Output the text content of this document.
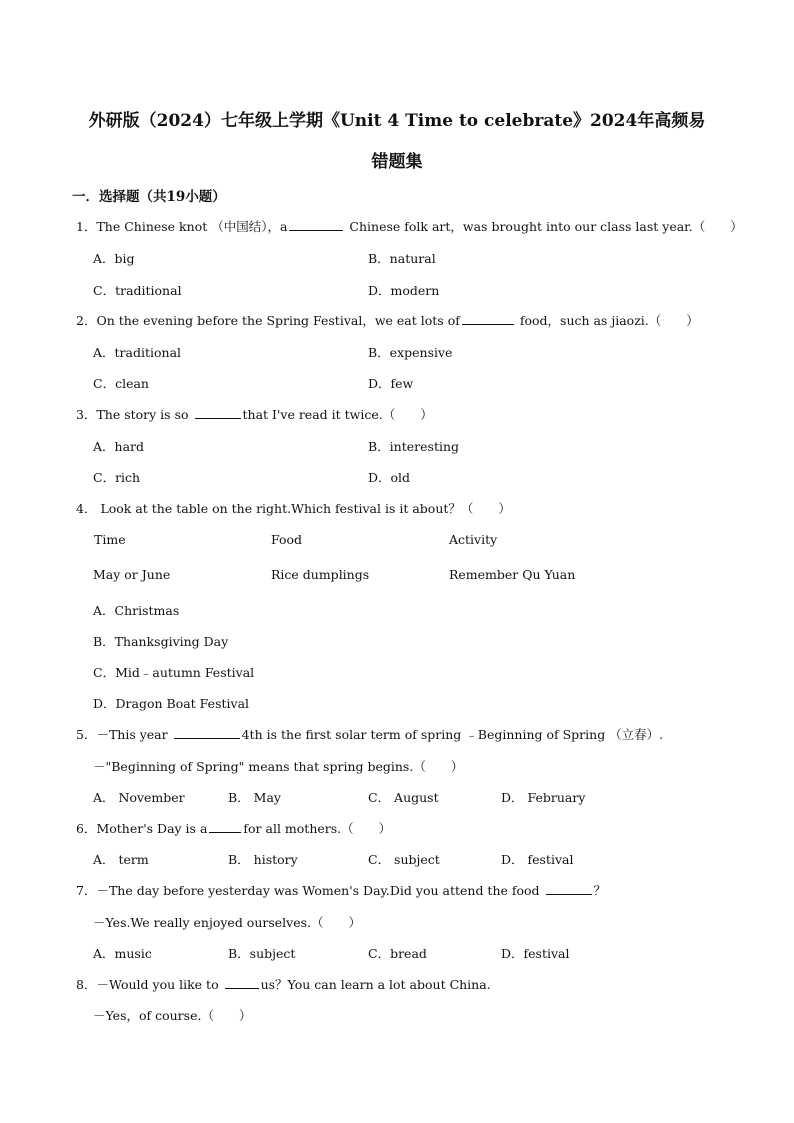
外研版（2024）七年级上学期《Unit 4 Time to celebrate》2024年高频易
错题集
一．选择题（共19小题）
1．The Chinese knot （中国结），a	Chinese folk art，was brought into our class last year.（　　）
A．big	B．natural
C．traditional	D．modern
2．On the evening before the Spring Festival，we eat lots of	food，such as jiaozi.（　　）
A．traditional	B．expensive
C．clean	D．few
3．The story is so	that I've read it twice.（　　）
A．hard	B．interesting
C．rich	D．old
4． Look at the table on the right.Which festival is it about？（　　）
Time	Food	Activity
May or June	Rice dumplings	Remember Qu Yuan
A．Christmas
B．Thanksgiving Day
C．Mid﹣autumn Festival
D．Dragon Boat Festival
5．－This year	4th is the first solar term of spring ﹣Beginning of Spring （立春）.
－"Beginning of Spring" means that spring begins.（　　）
A． November	B． May	C． August	D． February
6．Mother's Day is a	for all mothers.（　　）
A． term	B． history	C． subject	D． festival
7．－The day before yesterday was Women's Day.Did you attend the food	？
－Yes.We really enjoyed ourselves.（　　）
A．music	B．subject	C．bread	D．festival
8．－Would you like to	us？You can learn a lot about China.
－Yes，of course.（　　）
